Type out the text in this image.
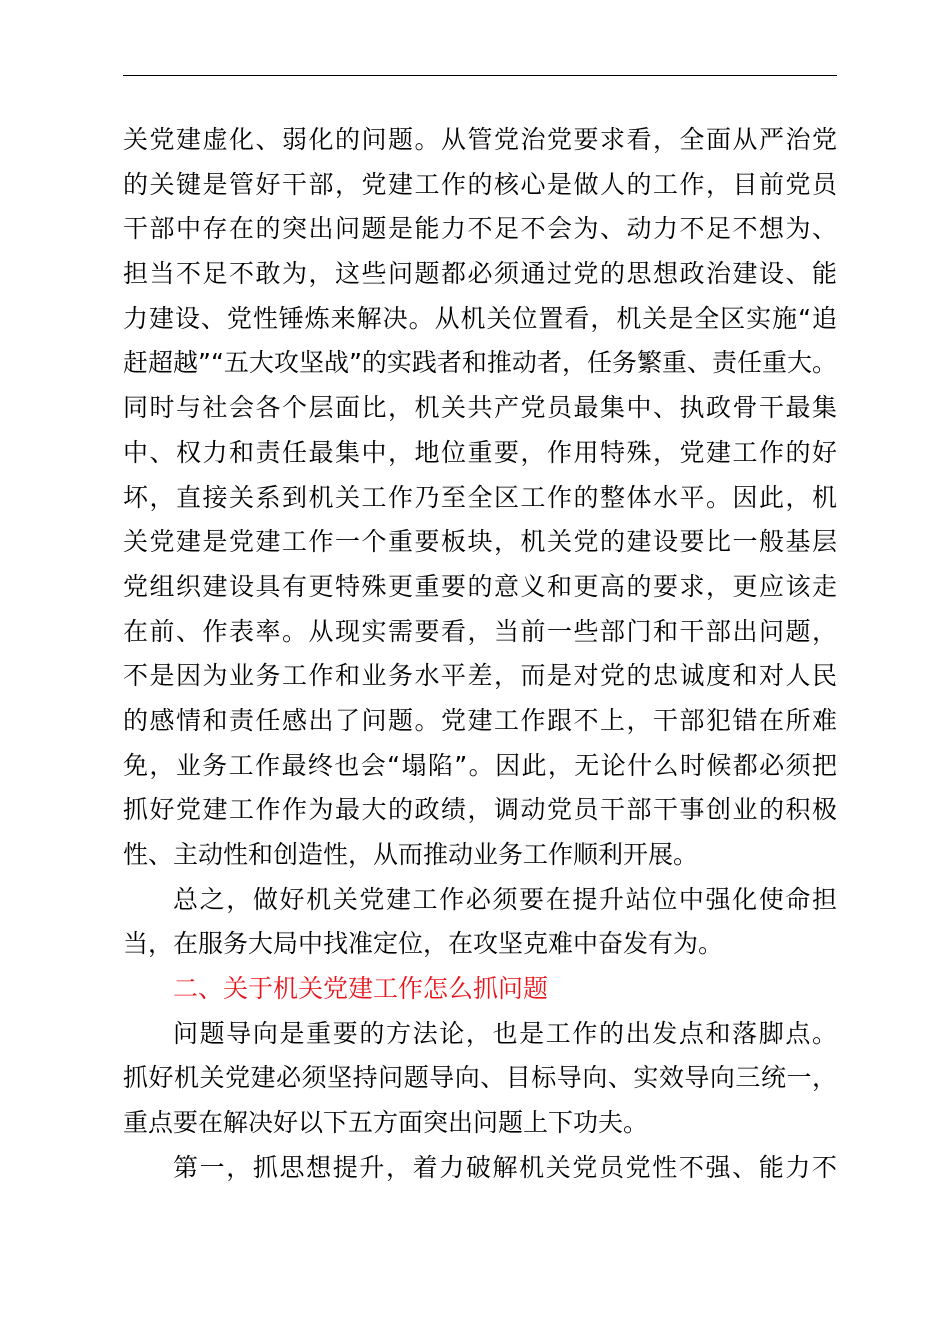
关党建虚化、弱化的问题。从管党治党要求看，全面从严治党
的关键是管好干部，党建工作的核心是做人的工作，目前党员
干部中存在的突出问题是能力不足不会为、动力不足不想为、
担当不足不敢为，这些问题都必须通过党的思想政治建设、能
力建设、党性锤炼来解决。从机关位置看，机关是全区实施“追
赶超越”“五大攻坚战”的实践者和推动者，任务繁重、责任重大。
同时与社会各个层面比，机关共产党员最集中、执政骨干最集
中、权力和责任最集中，地位重要，作用特殊，党建工作的好
坏，直接关系到机关工作乃至全区工作的整体水平。因此，机
关党建是党建工作一个重要板块，机关党的建设要比一般基层
党组织建设具有更特殊更重要的意义和更高的要求，更应该走
在前、作表率。从现实需要看，当前一些部门和干部出问题，
不是因为业务工作和业务水平差，而是对党的忠诚度和对人民
的感情和责任感出了问题。党建工作跟不上，干部犯错在所难
免，业务工作最终也会“塌陷”。因此，无论什么时候都必须把
抓好党建工作作为最大的政绩，调动党员干部干事创业的积极
性、主动性和创造性，从而推动业务工作顺利开展。
总之，做好机关党建工作必须要在提升站位中强化使命担
当，在服务大局中找准定位，在攻坚克难中奋发有为。
二、关于机关党建工作怎么抓问题
问题导向是重要的方法论，也是工作的出发点和落脚点。
抓好机关党建必须坚持问题导向、目标导向、实效导向三统一，
重点要在解决好以下五方面突出问题上下功夫。
第一，抓思想提升，着力破解机关党员党性不强、能力不
